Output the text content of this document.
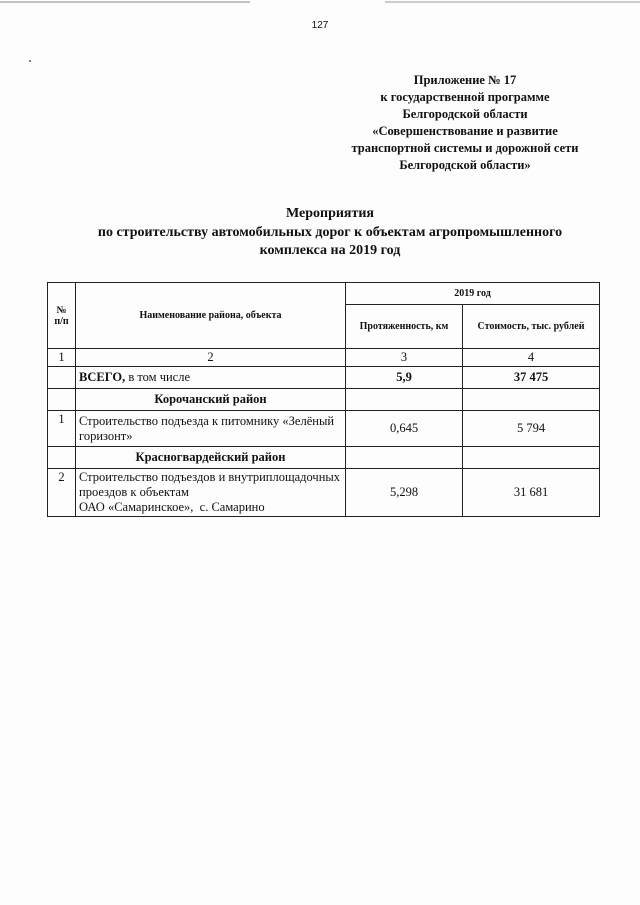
127
Приложение № 17
к государственной программе
Белгородской области
«Совершенствование и развитие
транспортной системы и дорожной сети
Белгородской области»
Мероприятия
по строительству автомобильных дорог к объектам агропромышленного
комплекса на 2019 год
№ п/п	Наименование района, объекта	2019 год	
		Протяженность, км	Стоимость, тыс. рублей
1	2	3	4
	ВСЕГО, в том числе	5,9	37 475
	Корочанский район		
1	Строительство подъезда к питомнику «Зелёный горизонт»	0,645	5 794
	Красногвардейский район		
2	Строительство подъездов и внутриплощадочных
проездов к объектам
ОАО «Самаринское»,  с. Самарино	5,298	31 681
